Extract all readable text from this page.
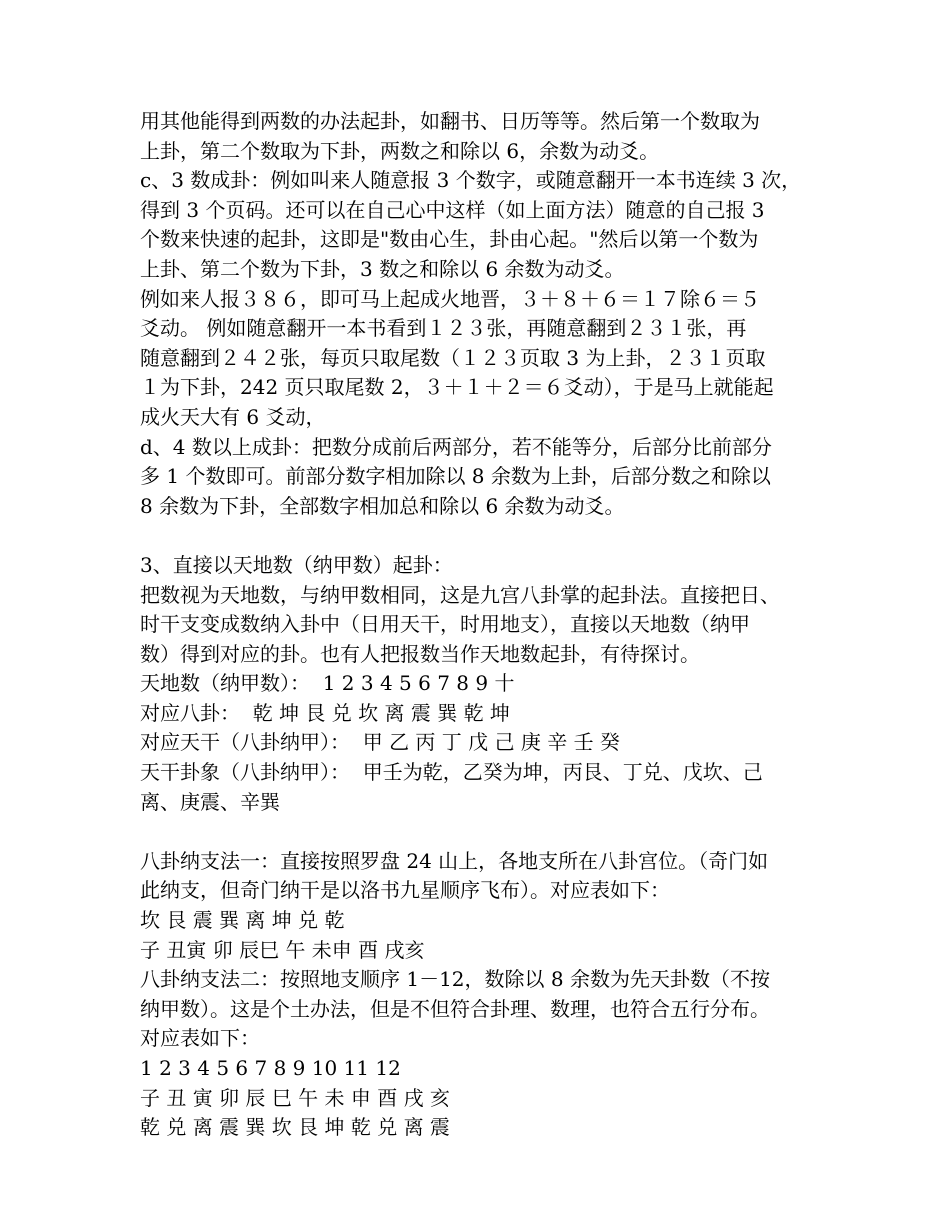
用其他能得到两数的办法起卦，如翻书、日历等等。然后第一个数取为
上卦，第二个数取为下卦，两数之和除以 6，余数为动爻。
c、3 数成卦：例如叫来人随意报 3 个数字，或随意翻开一本书连续 3 次，
得到 3 个页码。还可以在自己心中这样（如上面方法）随意的自己报 3
个数来快速的起卦，这即是"数由心生，卦由心起。"然后以第一个数为
上卦、第二个数为下卦，3 数之和除以 6 余数为动爻。
例如来人报３８６，即可马上起成火地晋，３＋８＋６＝１７除６＝５
爻动。 例如随意翻开一本书看到１２３张，再随意翻到２３１张，再
随意翻到２４２张，每页只取尾数（１２３页取 3 为上卦，２３１页取
１为下卦，242 页只取尾数 2，３＋１＋２＝６爻动），于是马上就能起
成火天大有 6 爻动，
d、4 数以上成卦：把数分成前后两部分，若不能等分，后部分比前部分
多 1 个数即可。前部分数字相加除以 8 余数为上卦，后部分数之和除以
8 余数为下卦，全部数字相加总和除以 6 余数为动爻。
3、直接以天地数（纳甲数）起卦：
把数视为天地数，与纳甲数相同，这是九宫八卦掌的起卦法。直接把日、
时干支变成数纳入卦中（日用天干，时用地支），直接以天地数（纳甲
数）得到对应的卦。也有人把报数当作天地数起卦，有待探讨。
天地数（纳甲数）：  1 2 3 4 5 6 7 8 9 十
对应八卦：  乾 坤 艮 兑 坎 离 震 巽 乾 坤
对应天干（八卦纳甲）：  甲 乙 丙 丁 戊 己 庚 辛 壬 癸
天干卦象（八卦纳甲）：  甲壬为乾，乙癸为坤，丙艮、丁兑、戊坎、己
离、庚震、辛巽
八卦纳支法一：直接按照罗盘 24 山上，各地支所在八卦宫位。（奇门如
此纳支，但奇门纳干是以洛书九星顺序飞布）。对应表如下：
坎 艮 震 巽 离 坤 兑 乾
子 丑寅 卯 辰巳 午 未申 酉 戌亥
八卦纳支法二：按照地支顺序 1－12，数除以 8 余数为先天卦数（不按
纳甲数）。这是个土办法，但是不但符合卦理、数理，也符合五行分布。
对应表如下：
1 2 3 4 5 6 7 8 9 10 11 12
子 丑 寅 卯 辰 巳 午 未 申 酉 戌 亥
乾 兑 离 震 巽 坎 艮 坤 乾 兑 离 震
